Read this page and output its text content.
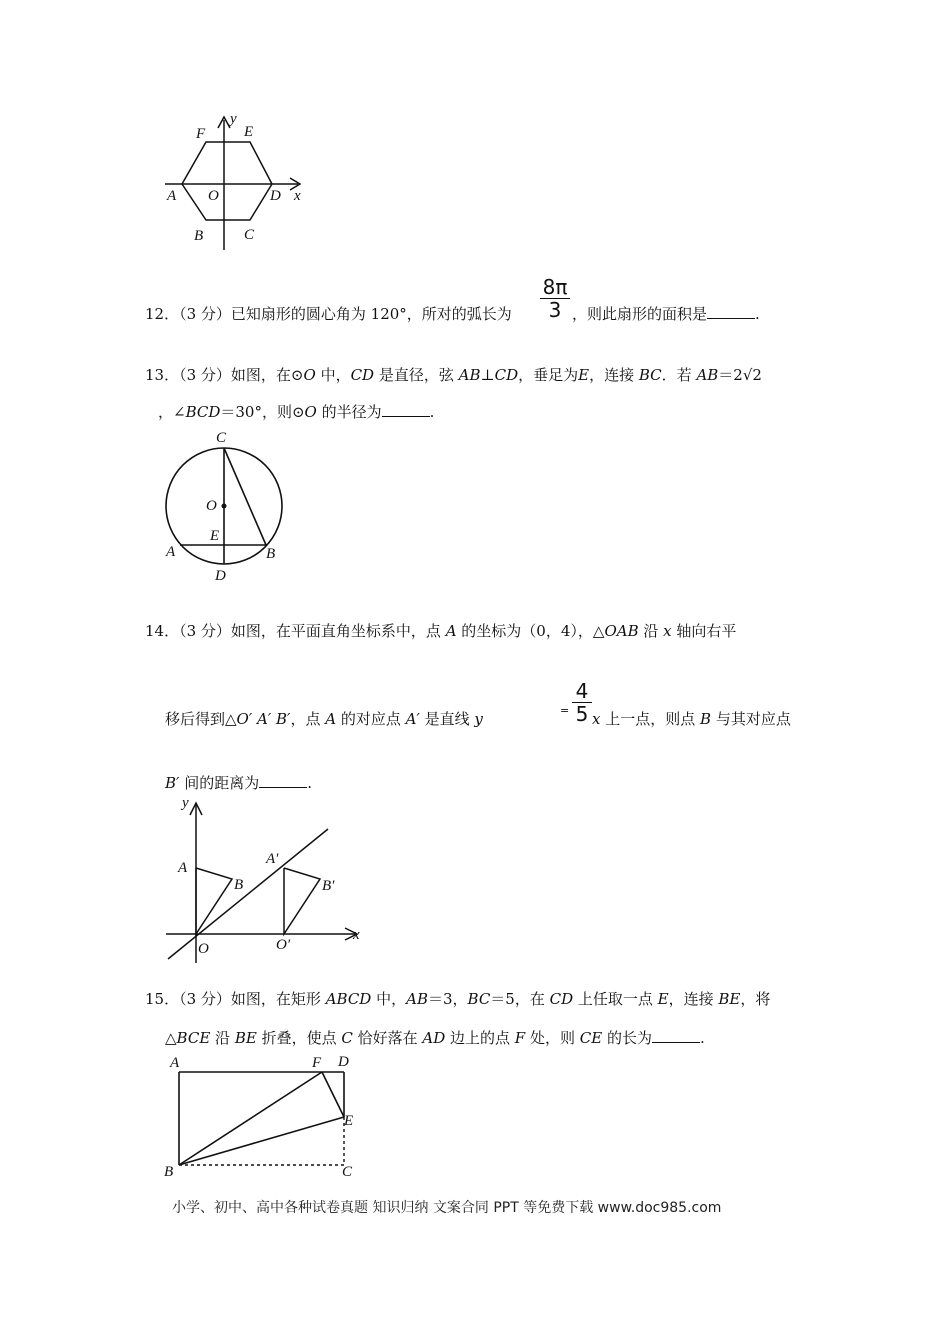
y
F	E
A O	D x
B	C
12．（3 分）已知扇形的圆心角为 120°，所对的弧长为
8π
3 ，则此扇形的面积是	.
13．（3 分）如图，在⊙O 中，CD 是直径，弦 AB⊥CD，垂足为E，连接 BC．若 AB＝2√2
，∠BCD＝30°，则⊙O 的半径为	.
C
O
E
A	B
D
14．（3 分）如图，在平面直角坐标系中，点 A 的坐标为（0，4），△OAB 沿 x 轴向右平
移后得到△O′ A′ B′，点 A 的对应点 A′ 是直线 y	=
4
5 x 上一点，则点 B 与其对应点
B′ 间的距离为	.
y
A
B
A′
B′
O	O′
x
15．（3 分）如图，在矩形 ABCD 中，AB＝3，BC＝5，在 CD 上任取一点 E，连接 BE，将
△BCE 沿 BE 折叠，使点 C 恰好落在 AD 边上的点 F 处，则 CE 的长为	.
A	F D
E
B	C
小学、初中、高中各种试卷真题 知识归纳 文案合同 PPT 等免费下载 www.doc985.com
